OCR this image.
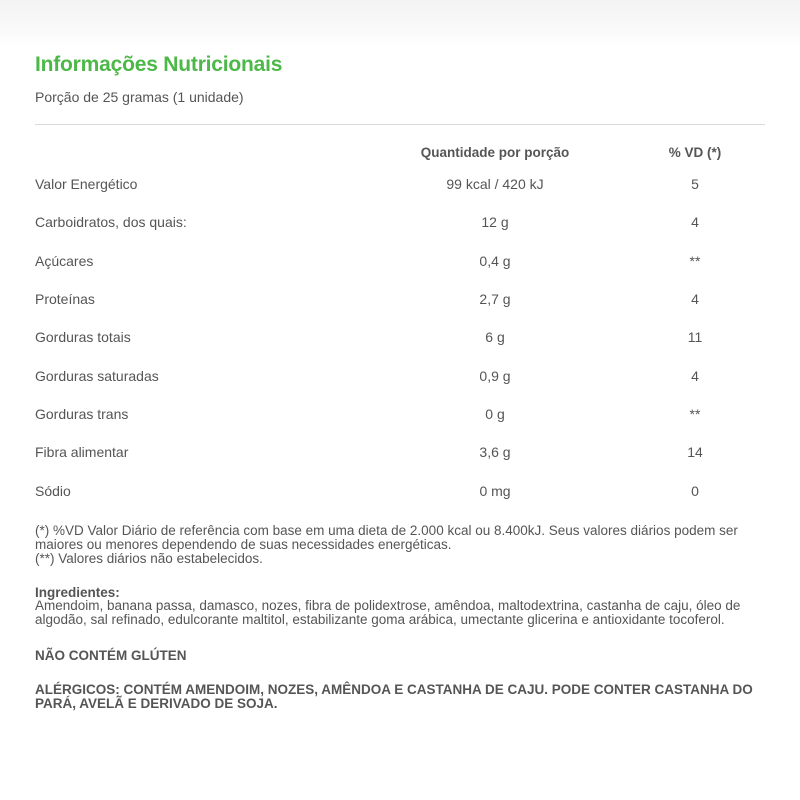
Informações Nutricionais
Porção de 25 gramas (1 unidade)
	Quantidade por porção	% VD (*)
Valor Energético	99 kcal / 420 kJ	5
Carboidratos, dos quais:	12 g	4
Açúcares	0,4 g	**
Proteínas	2,7 g	4
Gorduras totais	6 g	11
Gorduras saturadas	0,9 g	4
Gorduras trans	0 g	**
Fibra alimentar	3,6 g	14
Sódio	0 mg	0
(*) %VD Valor Diário de referência com base em uma dieta de 2.000 kcal ou 8.400kJ. Seus valores diários podem ser maiores ou menores dependendo de suas necessidades energéticas.
(**) Valores diários não estabelecidos.
Ingredientes:
Amendoim, banana passa, damasco, nozes, fibra de polidextrose, amêndoa, maltodextrina, castanha de caju, óleo de algodão, sal refinado, edulcorante maltitol, estabilizante goma arábica, umectante glicerina e antioxidante tocoferol.
NÃO CONTÉM GLÚTEN
ALÉRGICOS: CONTÉM AMENDOIM, NOZES, AMÊNDOA E CASTANHA DE CAJU. PODE CONTER CASTANHA DO PARÁ, AVELÃ E DERIVADO DE SOJA.
